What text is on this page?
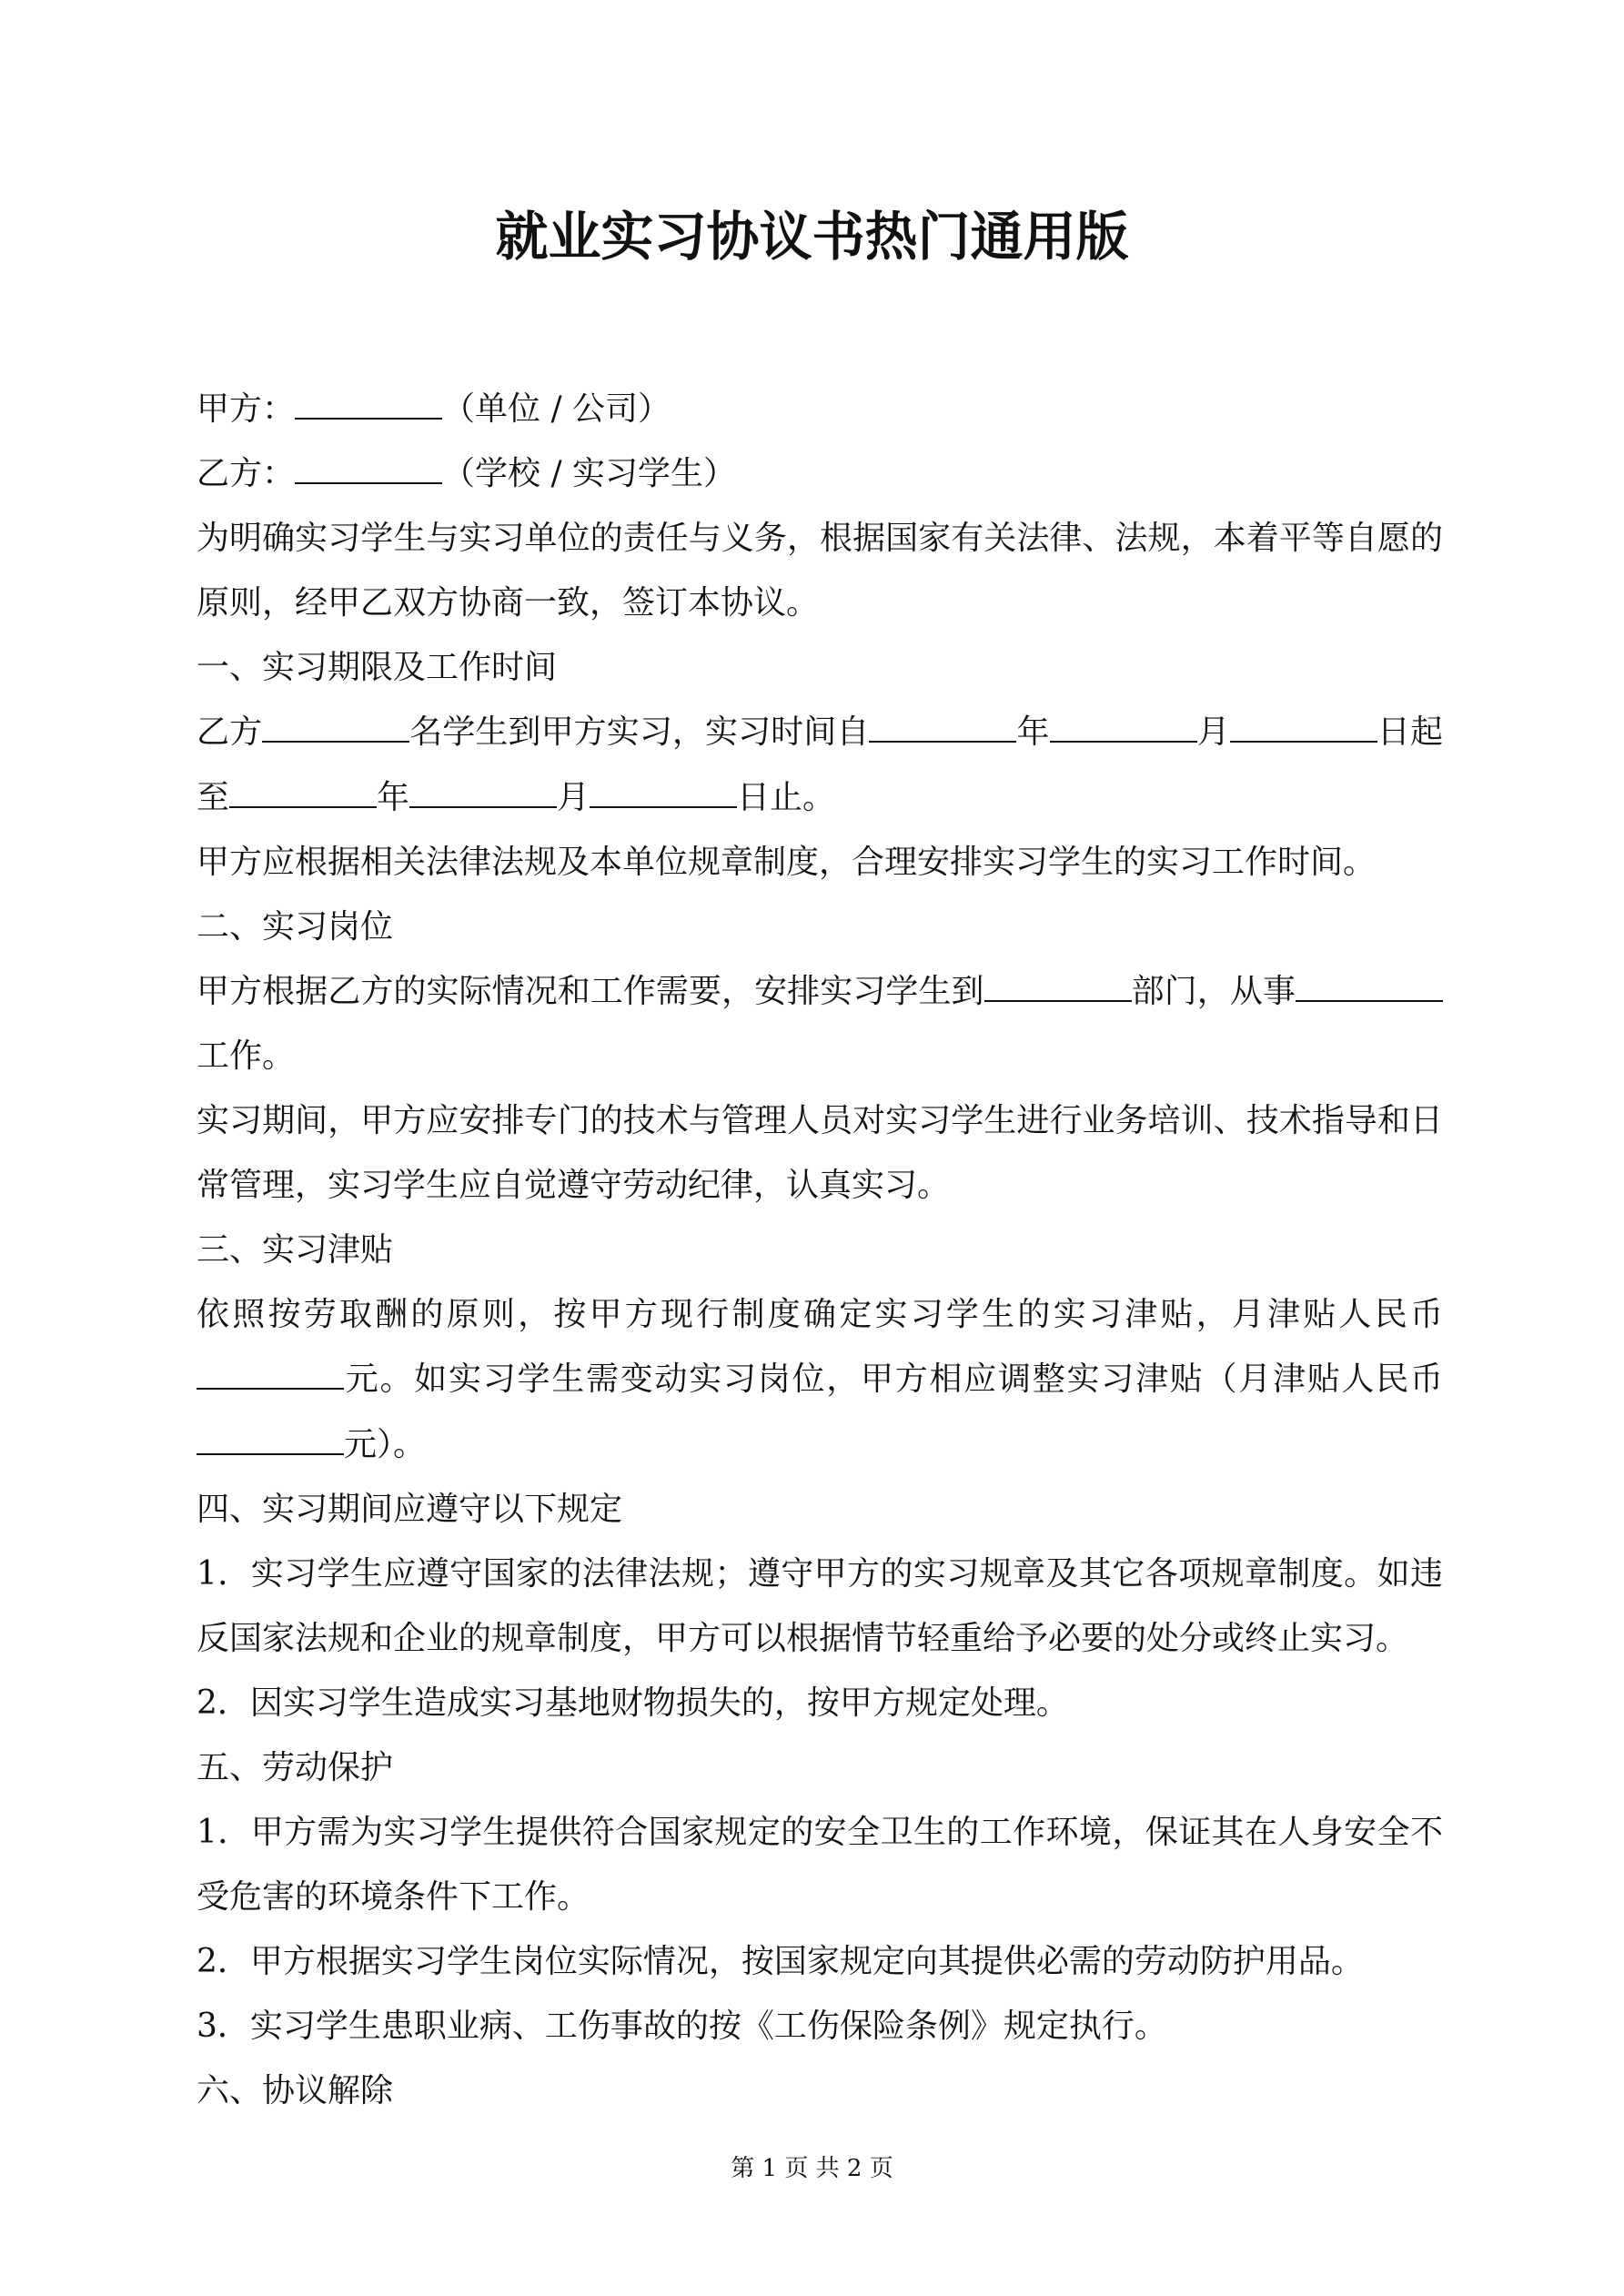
就业实习协议书热门通用版
甲方：	（单位 / 公司）
乙方：	（学校 / 实习学生）
为明确实习学生与实习单位的责任与义务，根据国家有关法律、法规，本着平等自愿的
原则，经甲乙双方协商一致，签订本协议。
一、实习期限及工作时间
乙方	名学生到甲方实习，实习时间自	年	月	日起
至	年	月	日止。
甲方应根据相关法律法规及本单位规章制度，合理安排实习学生的实习工作时间。
二、实习岗位
甲方根据乙方的实际情况和工作需要，安排实习学生到	部门，从事
工作。
实习期间，甲方应安排专门的技术与管理人员对实习学生进行业务培训、技术指导和日
常管理，实习学生应自觉遵守劳动纪律，认真实习。
三、实习津贴
依照按劳取酬的原则，按甲方现行制度确定实习学生的实习津贴，月津贴人民币
元。如实习学生需变动实习岗位，甲方相应调整实习津贴（月津贴人民币
元）。
四、实习期间应遵守以下规定
1．实习学生应遵守国家的法律法规；遵守甲方的实习规章及其它各项规章制度。如违
反国家法规和企业的规章制度，甲方可以根据情节轻重给予必要的处分或终止实习。
2．因实习学生造成实习基地财物损失的，按甲方规定处理。
五、劳动保护
1．甲方需为实习学生提供符合国家规定的安全卫生的工作环境，保证其在人身安全不
受危害的环境条件下工作。
2．甲方根据实习学生岗位实际情况，按国家规定向其提供必需的劳动防护用品。
3．实习学生患职业病、工伤事故的按《工伤保险条例》规定执行。
六、协议解除
第 1 页 共 2 页
